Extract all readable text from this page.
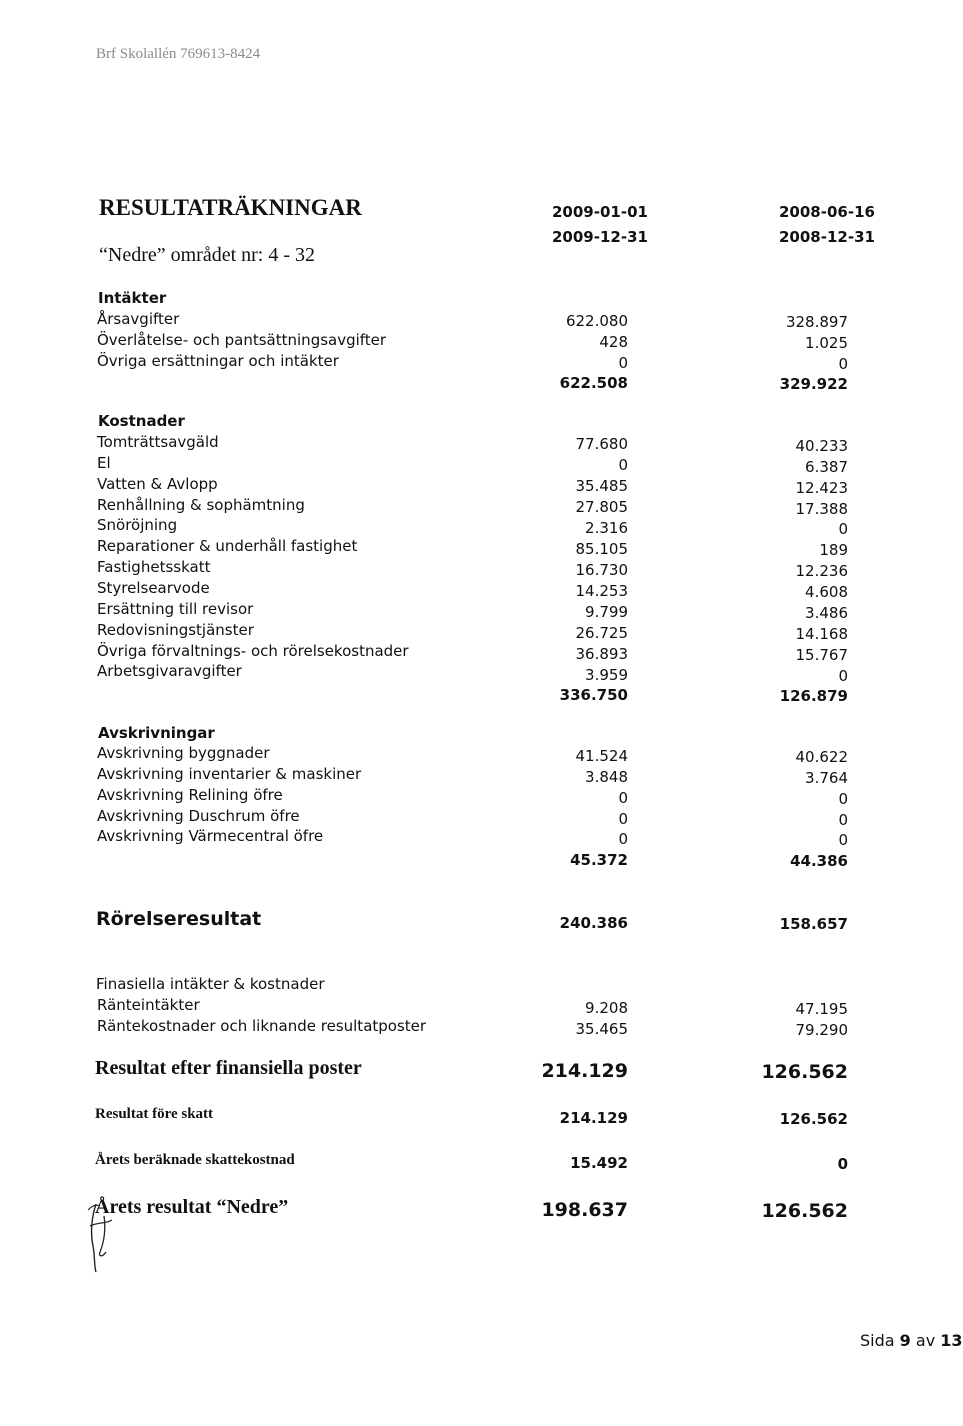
Brf Skolallén 769613-8424
RESULTATRÄKNINGAR
“Nedre” området nr: 4 - 32
2009-01-01
2009-12-31
2008-06-16
2008-12-31
Intäkter
Årsavgifter	622.080	328.897
Överlåtelse- och pantsättningsavgifter	428	1.025
Övriga ersättningar och intäkter	0	0
622.508	329.922
Kostnader
Tomträttsavgäld	77.680	40.233
El	0	6.387
Vatten & Avlopp	35.485	12.423
Renhållning & sophämtning	27.805	17.388
Snöröjning	2.316	0
Reparationer & underhåll fastighet	85.105	189
Fastighetsskatt	16.730	12.236
Styrelsearvode	14.253	4.608
Ersättning till revisor	9.799	3.486
Redovisningstjänster	26.725	14.168
Övriga förvaltnings- och rörelsekostnader	36.893	15.767
Arbetsgivaravgifter	3.959	0
336.750	126.879
Avskrivningar
Avskrivning byggnader	41.524	40.622
Avskrivning inventarier & maskiner	3.848	3.764
Avskrivning Relining öfre	0	0
Avskrivning Duschrum öfre	0	0
Avskrivning Värmecentral öfre	0	0
45.372	44.386
Rörelseresultat	240.386	158.657
Finasiella intäkter & kostnader
Ränteintäkter	9.208	47.195
Räntekostnader och liknande resultatposter	35.465	79.290
Resultat efter finansiella poster	214.129	126.562
Resultat före skatt	214.129	126.562
Årets beräknade skattekostnad	15.492	0
Årets resultat “Nedre”	198.637	126.562
Sida 9 av 13
